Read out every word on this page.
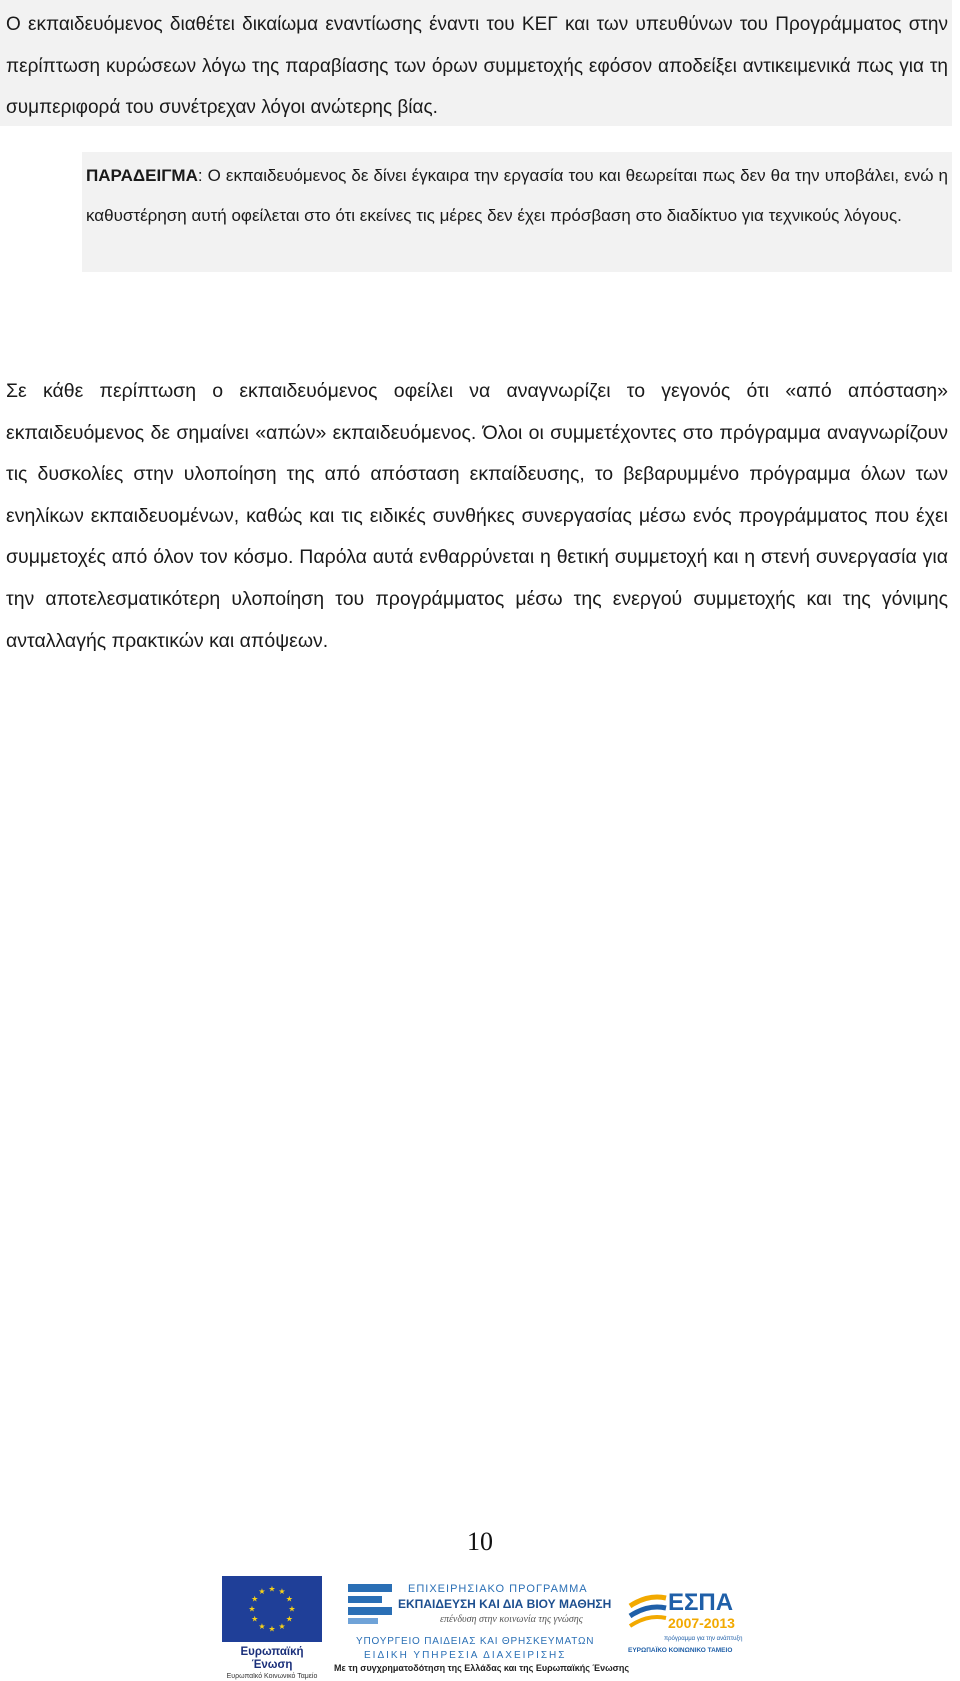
Ο εκπαιδευόμενος διαθέτει δικαίωμα εναντίωσης έναντι του ΚΕΓ και των υπευθύνων του Προγράμματος στην περίπτωση κυρώσεων λόγω της παραβίασης των όρων συμμετοχής εφόσον αποδείξει αντικειμενικά πως για τη συμπεριφορά του συνέτρεχαν λόγοι ανώτερης βίας.
ΠΑΡΑΔΕΙΓΜΑ: Ο εκπαιδευόμενος δε δίνει έγκαιρα την εργασία του και θεωρείται πως δεν θα την υποβάλει, ενώ η καθυστέρηση αυτή οφείλεται στο ότι εκείνες τις μέρες δεν έχει πρόσβαση στο διαδίκτυο για τεχνικούς λόγους.
Σε κάθε περίπτωση ο εκπαιδευόμενος οφείλει να αναγνωρίζει το γεγονός ότι «από απόσταση» εκπαιδευόμενος δε σημαίνει «απών» εκπαιδευόμενος. Όλοι οι συμμετέχοντες στο πρόγραμμα αναγνωρίζουν τις δυσκολίες στην υλοποίηση της από απόσταση εκπαίδευσης, το βεβαρυμμένο πρόγραμμα όλων των ενηλίκων εκπαιδευομένων, καθώς και τις ειδικές συνθήκες συνεργασίας μέσω ενός προγράμματος που έχει συμμετοχές από όλον τον κόσμο. Παρόλα αυτά ενθαρρύνεται η θετική συμμετοχή και η στενή συνεργασία για την αποτελεσματικότερη υλοποίηση του προγράμματος μέσω της ενεργού συμμετοχής και της γόνιμης ανταλλαγής πρακτικών και απόψεων.
10
★ ★
★
★
★
★
★
★
★
★
★
★
Ευρωπαϊκή Ένωση
Ευρωπαϊκό Κοινωνικό Ταμείο
ΕΠΙΧΕΙΡΗΣΙΑΚΟ ΠΡΟΓΡΑΜΜΑ
ΕΚΠΑΙΔΕΥΣΗ ΚΑΙ ΔΙΑ ΒΙΟΥ ΜΑΘΗΣΗ
επένδυση στην κοινωνία της γνώσης
ΥΠΟΥΡΓΕΙΟ ΠΑΙΔΕΙΑΣ ΚΑΙ ΘΡΗΣΚΕΥΜΑΤΩΝ
ΕΙΔΙΚΗ ΥΠΗΡΕΣΙΑ ΔΙΑΧΕΙΡΙΣΗΣ
ΕΣΠΑ
2007-2013
πρόγραμμα για την ανάπτυξη
ΕΥΡΩΠΑΪΚΟ ΚΟΙΝΩΝΙΚΟ ΤΑΜΕΙΟ
Με τη συγχρηματοδότηση της Ελλάδας και της Ευρωπαϊκής Ένωσης
